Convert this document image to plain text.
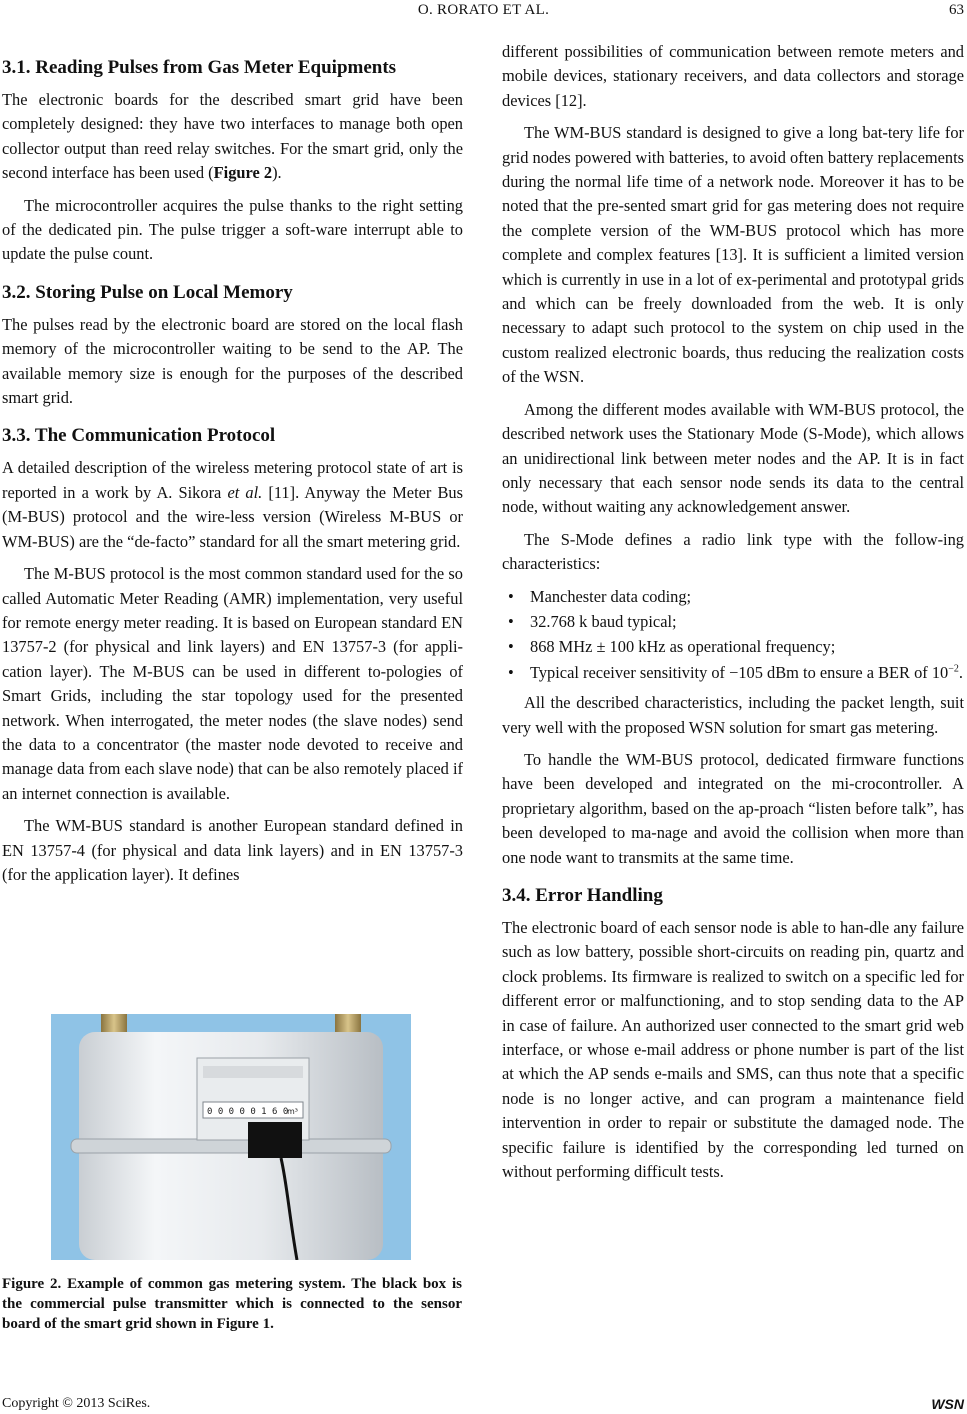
O. RORATO ET AL.	63
3.1. Reading Pulses from Gas Meter Equipments

The electronic boards for the described smart grid have been completely designed: they have two interfaces to manage both open collector output than reed relay switches. For the smart grid, only the second interface has been used (Figure 2).

The microcontroller acquires the pulse thanks to the right setting of the dedicated pin. The pulse trigger a soft-ware interrupt able to update the pulse count.

3.2. Storing Pulse on Local Memory

The pulses read by the electronic board are stored on the local flash memory of the microcontroller waiting to be send to the AP. The available memory size is enough for the purposes of the described smart grid.

3.3. The Communication Protocol

A detailed description of the wireless metering protocol state of art is reported in a work by A. Sikora et al. [11]. Anyway the Meter Bus (M-BUS) protocol and the wire-less version (Wireless M-BUS or WM-BUS) are the “de-facto” standard for all the smart metering grid.

The M-BUS protocol is the most common standard used for the so called Automatic Meter Reading (AMR) implementation, very useful for remote energy meter reading. It is based on European standard EN 13757-2 (for physical and link layers) and EN 13757-3 (for appli-cation layer). The M-BUS can be used in different to-pologies of Smart Grids, including the star topology used for the presented network. When interrogated, the meter nodes (the slave nodes) send the data to a concentrator (the master node devoted to receive and manage data from each slave node) that can be also remotely placed if an internet connection is available.

The WM-BUS standard is another European standard defined in EN 13757-4 (for physical and data link layers) and in EN 13757-3 (for the application layer). It defines

0 0 0 0 0 1 6 0
m³
Figure 2. Example of common gas metering system. The black box is the commercial pulse transmitter which is connected to the sensor board of the smart grid shown in Figure 1.

different possibilities of communication between remote meters and mobile devices, stationary receivers, and data collectors and storage devices [12].

The WM-BUS standard is designed to give a long bat-tery life for grid nodes powered with batteries, to avoid often battery replacements during the normal life time of a network node. Moreover it has to be noted that the pre-sented smart grid for gas metering does not require the complete version of the WM-BUS protocol which has more complete and complex features [13]. It is sufficient a limited version which is currently in use in a lot of ex-perimental and prototypal grids and which can be freely downloaded from the web. It is only necessary to adapt such protocol to the system on chip used in the custom realized electronic boards, thus reducing the realization costs of the WSN.

Among the different modes available with WM-BUS protocol, the described network uses the Stationary Mode (S-Mode), which allows an unidirectional link between meter nodes and the AP. It is in fact only necessary that each sensor node sends its data to the central node, without waiting any acknowledgement answer.

The S-Mode defines a radio link type with the follow-ing characteristics:

• Manchester data coding;
• 32.768 k baud typical;
• 868 MHz ± 100 kHz as operational frequency;
• Typical receiver sensitivity of −105 dBm to ensure a BER of $10^{-2}$.

All the described characteristics, including the packet length, suit very well with the proposed WSN solution for smart gas metering.

To handle the WM-BUS protocol, dedicated firmware functions have been developed and integrated on the mi-crocontroller. A proprietary algorithm, based on the ap-proach “listen before talk”, has been developed to ma-nage and avoid the collision when more than one node want to transmits at the same time.

3.4. Error Handling

The electronic board of each sensor node is able to han-dle any failure such as low battery, possible short-circuits on reading pin, quartz and clock problems. Its firmware is realized to switch on a specific led for different error or malfunctioning, and to stop sending data to the AP in case of failure. An authorized user connected to the smart grid web interface, or whose e-mail address or phone number is part of the list at which the AP sends e-mails and SMS, can thus note that a specific node is no longer active, and can program a maintenance field intervention in order to repair or substitute the damaged node. The specific failure is identified by the corresponding led turned on without performing difficult tests.

Copyright © 2013 SciRes.	WSN
